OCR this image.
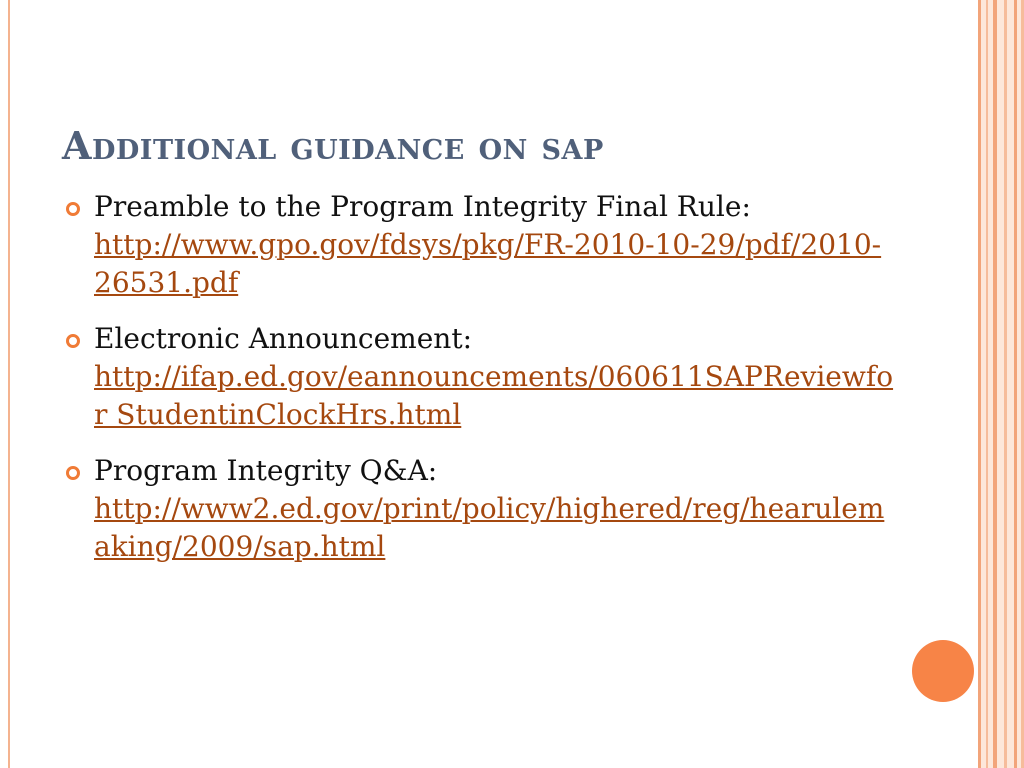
Additional guidance on sap
Preamble to the Program Integrity Final Rule:
http://www.gpo.gov/fdsys/pkg/FR-2010-10-29/pdf/2010-26531.pdf
Electronic Announcement:
http://ifap.ed.gov/eannouncements/060611SAPReviewfor StudentinClockHrs.html
Program Integrity Q&A:
http://www2.ed.gov/print/policy/highered/reg/hearulemaking/2009/sap.html
